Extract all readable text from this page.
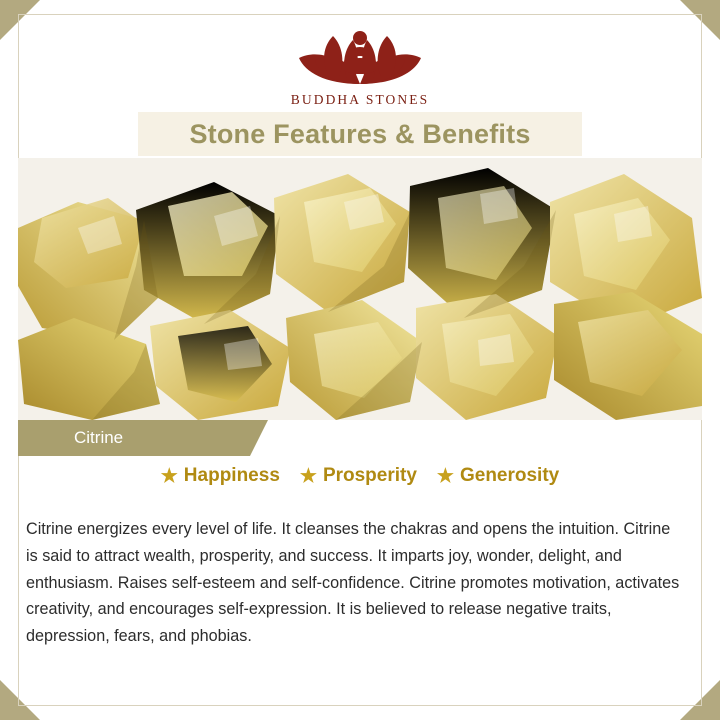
BUDDHA STONES
Stone Features & Benefits
Citrine
★ Happiness ★ Prosperity ★ Generosity

Citrine energizes every level of life. It cleanses the chakras and opens the intuition. Citrine is said to attract wealth, prosperity, and success. It imparts joy, wonder, delight, and enthusiasm. Raises self-esteem and self-confidence. Citrine promotes motivation, activates creativity, and encourages self-expression. It is believed to release negative traits, depression, fears, and phobias.
